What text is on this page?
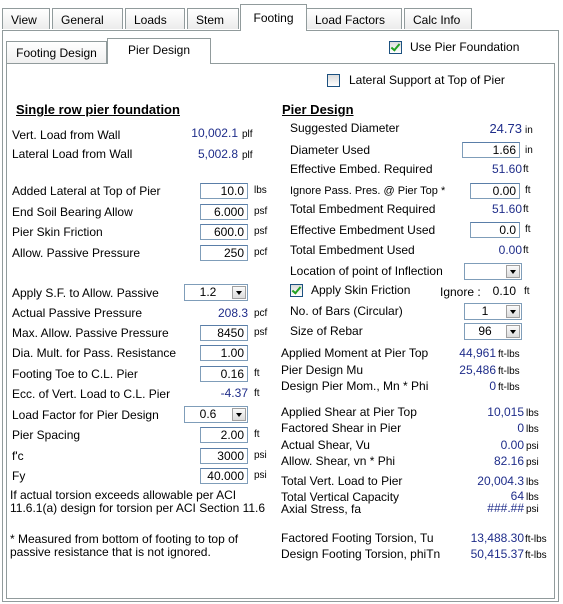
View	General	Loads	Stem	Footing	Load Factors	Calc Info
Footing Design	Pier Design	Use Pier Foundation
Lateral Support at Top of Pier
Single row pier foundation
Vert. Load from Wall	10,002.1 plf
Lateral Load from Wall	5,002.8 plf
Added Lateral at Top of Pier	10.0	lbs
End Soil Bearing Allow	6.000	psf
Pier Skin Friction	600.0	psf
Allow. Passive Pressure	250	pcf
Apply S.F. to Allow. Passive	1.2
Actual Passive Pressure	208.3 pcf
Max. Allow. Passive Pressure	8450	psf
Dia. Mult. for Pass. Resistance	1.00
Footing Toe to C.L. Pier	0.16	ft
Ecc. of Vert. Load to C.L. Pier	-4.37 ft
Load Factor for Pier Design	0.6
Pier Spacing	2.00	ft
f'c	3000	psi
Fy	40.000	psi
If actual torsion exceeds allowable per ACI 11.6.1(a) design for torsion per ACI Section 11.6
* Measured from bottom of footing to top of passive resistance that is not ignored.
Pier Design
Suggested Diameter	24.73 in
Diameter Used	1.66 in
Effective Embed. Required	51.60 ft
Ignore Pass. Pres. @ Pier Top *	0.00 ft
Total Embedment Required	51.60 ft
Effective Embedment Used	0.0 ft
Total Embedment Used	0.00 ft
Location of point of Inflection
Apply Skin Friction Ignore : 0.10 ft
No. of Bars (Circular)	1
Size of Rebar	96
Applied Moment at Pier Top	44,961 ft-lbs
Pier Design Mu	25,486 ft-lbs
Design Pier Mom., Mn * Phi	0 ft-lbs
Applied Shear at Pier Top	10,015 lbs
Factored Shear in Pier	0 lbs
Actual Shear, Vu	0.00 psi
Allow. Shear, vn * Phi	82.16 psi
Total Vert. Load to Pier	20,004.3 lbs
Total Vertical Capacity	64 lbs
Axial Stress, fa	###.## psi
Factored Footing Torsion, Tu	13,488.30 ft-lbs
Design Footing Torsion, phiTn	50,415.37 ft-lbs
